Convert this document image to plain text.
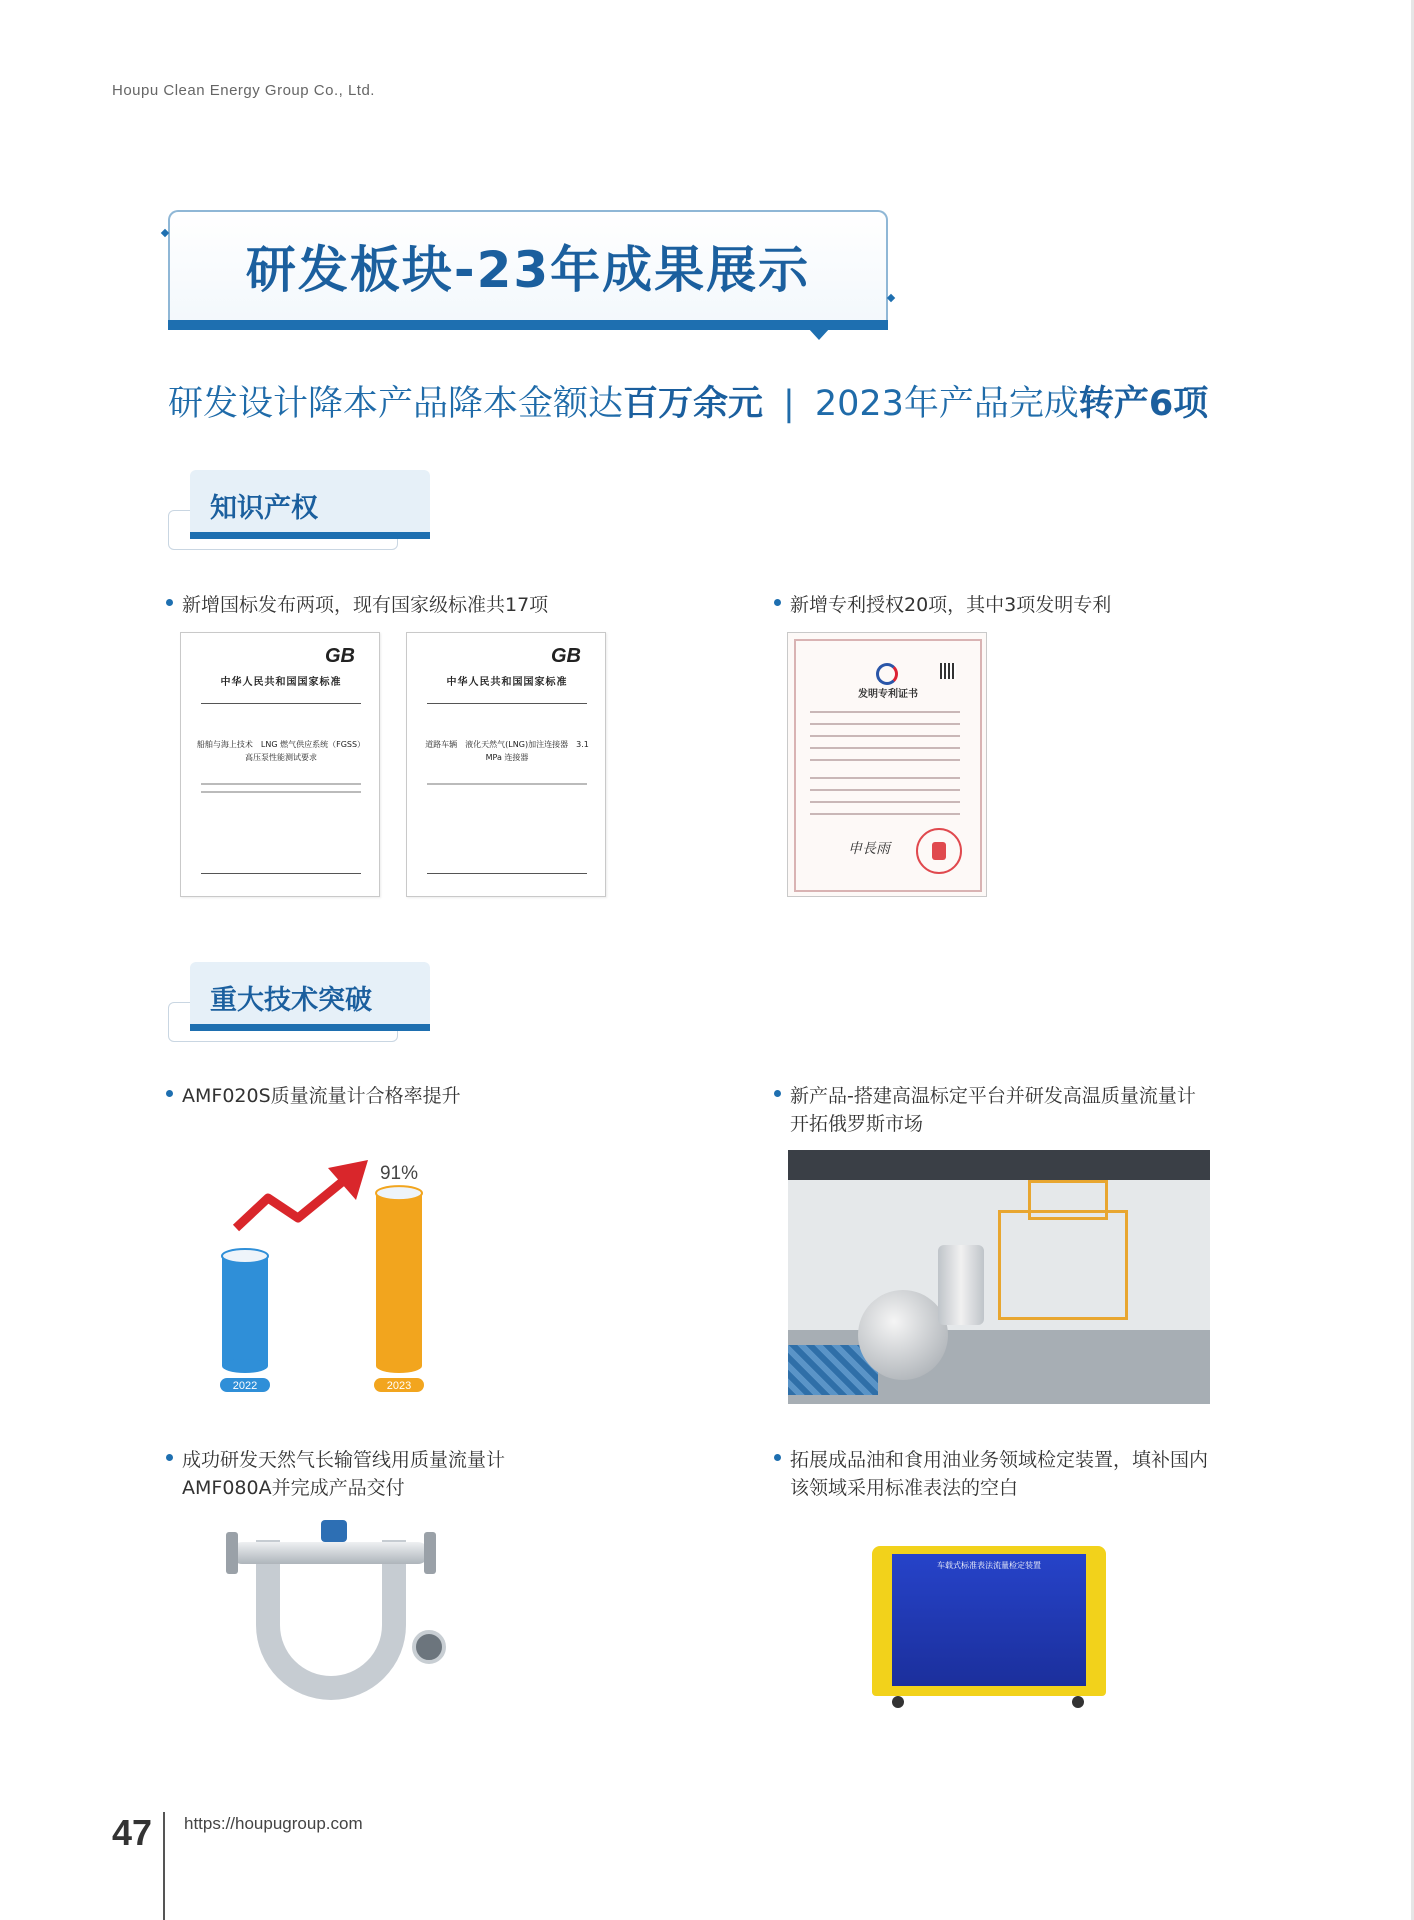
Houpu Clean Energy Group Co., Ltd.
研发板块-23年成果展示
研发设计降本产品降本金额达百万余元 | 2023年产品完成转产6项
知识产权
新增国标发布两项，现有国家级标准共17项	新增专利授权20项，其中3项发明专利
GB
中华人民共和国国家标准
船舶与海上技术　LNG 燃气供应系统（FGSS）高压泵性能测试要求
GB
中华人民共和国国家标准
道路车辆　液化天然气(LNG)加注连接器　3.1 MPa 连接器
发明专利证书
申長雨
重大技术突破
AMF020S质量流量计合格率提升	新产品-搭建高温标定平台并研发高温质量流量计
开拓俄罗斯市场
2022	2023
91%
成功研发天然气长输管线用质量流量计
AMF080A并完成产品交付
拓展成品油和食用油业务领域检定装置，填补国内
该领域采用标准表法的空白
车载式标准表法流量检定装置
47 https://houpugroup.com
